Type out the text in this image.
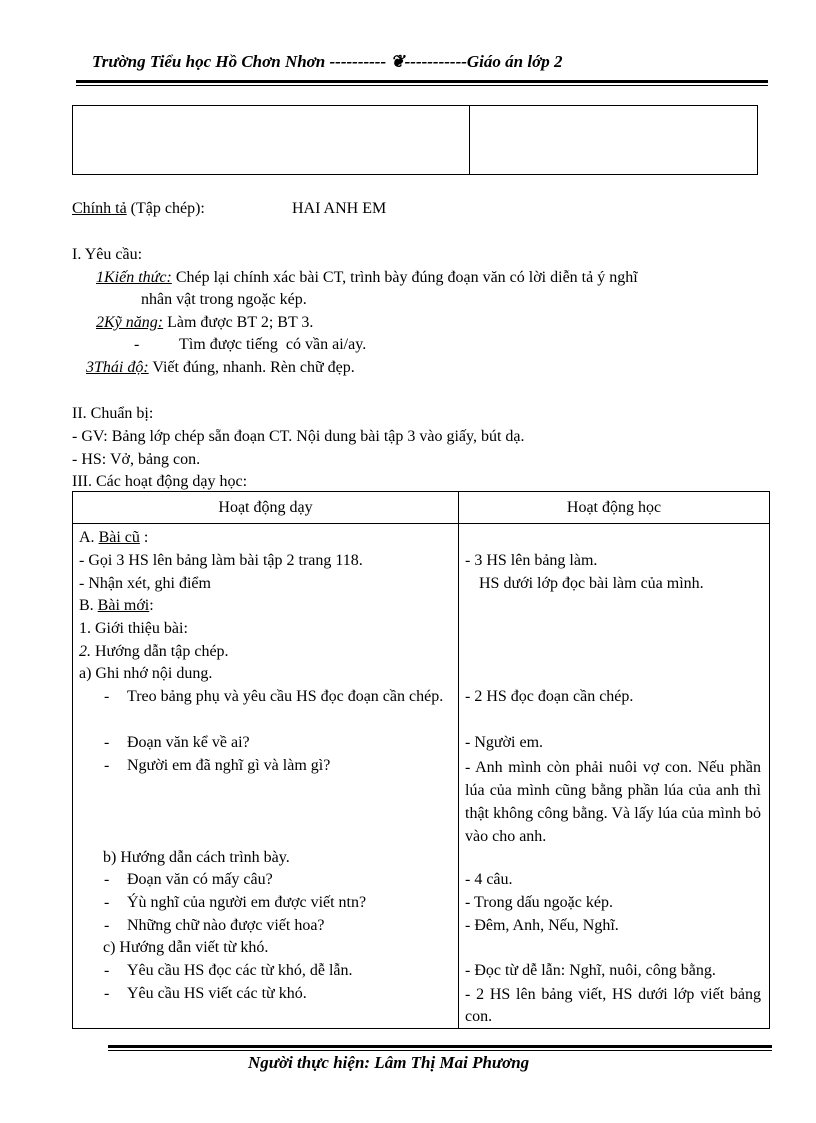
Trường Tiểu học Hồ Chơn Nhơn ---------- ❦-----------Giáo án lớp 2
Chính tả (Tập chép):	HAI ANH EM
I. Yêu cầu:
1Kiến thức: Chép lại chính xác bài CT, trình bày đúng đoạn văn có lời diễn tả ý nghĩ
nhân vật trong ngoặc kép.
2Kỹ năng: Làm được BT 2; BT 3.
-          Tìm được tiếng  có vần ai/ay.
3Thái độ: Viết đúng, nhanh. Rèn chữ đẹp.
II. Chuẩn bị:
- GV: Bảng lớp chép sẵn đoạn CT. Nội dung bài tập 3 vào giấy, bút dạ.
- HS: Vở, bảng con.
III. Các hoạt động dạy học:
Hoạt động dạy	Hoạt động học
A. Bài cũ :
- Gọi 3 HS lên bảng làm bài tập 2 trang 118.
- Nhận xét, ghi điểm
B. Bài mới:
1. Giới thiệu bài:
2. Hướng dẫn tập chép.
a) Ghi nhớ nội dung.
- Treo bảng phụ và yêu cầu HS đọc đoạn cần chép.
- Đoạn văn kể về ai?
- Người em đã nghĩ gì và làm gì?
b) Hướng dẫn cách trình bày.
- Đoạn văn có mấy câu?
- Ýù nghĩ của người em được viết ntn?
- Những chữ nào được viết hoa?
c) Hướng dẫn viết từ khó.
- Yêu cầu HS đọc các từ khó, dễ lẫn.
- Yêu cầu HS viết các từ khó.
- 3 HS lên bảng làm.
HS dưới lớp đọc bài làm của mình.
- 2 HS đọc đoạn cần chép.
- Người em.
- Anh mình còn phải nuôi vợ con. Nếu phần lúa của mình cũng bằng phần lúa của anh thì thật không công bằng. Và lấy lúa của mình bỏ vào cho anh.
- 4 câu.
- Trong dấu ngoặc kép.
- Đêm, Anh, Nếu, Nghĩ.
- Đọc từ dễ lẫn: Nghĩ, nuôi, công bằng.
- 2 HS lên bảng viết, HS dưới lớp viết bảng con.
Người thực hiện: Lâm Thị Mai Phương
